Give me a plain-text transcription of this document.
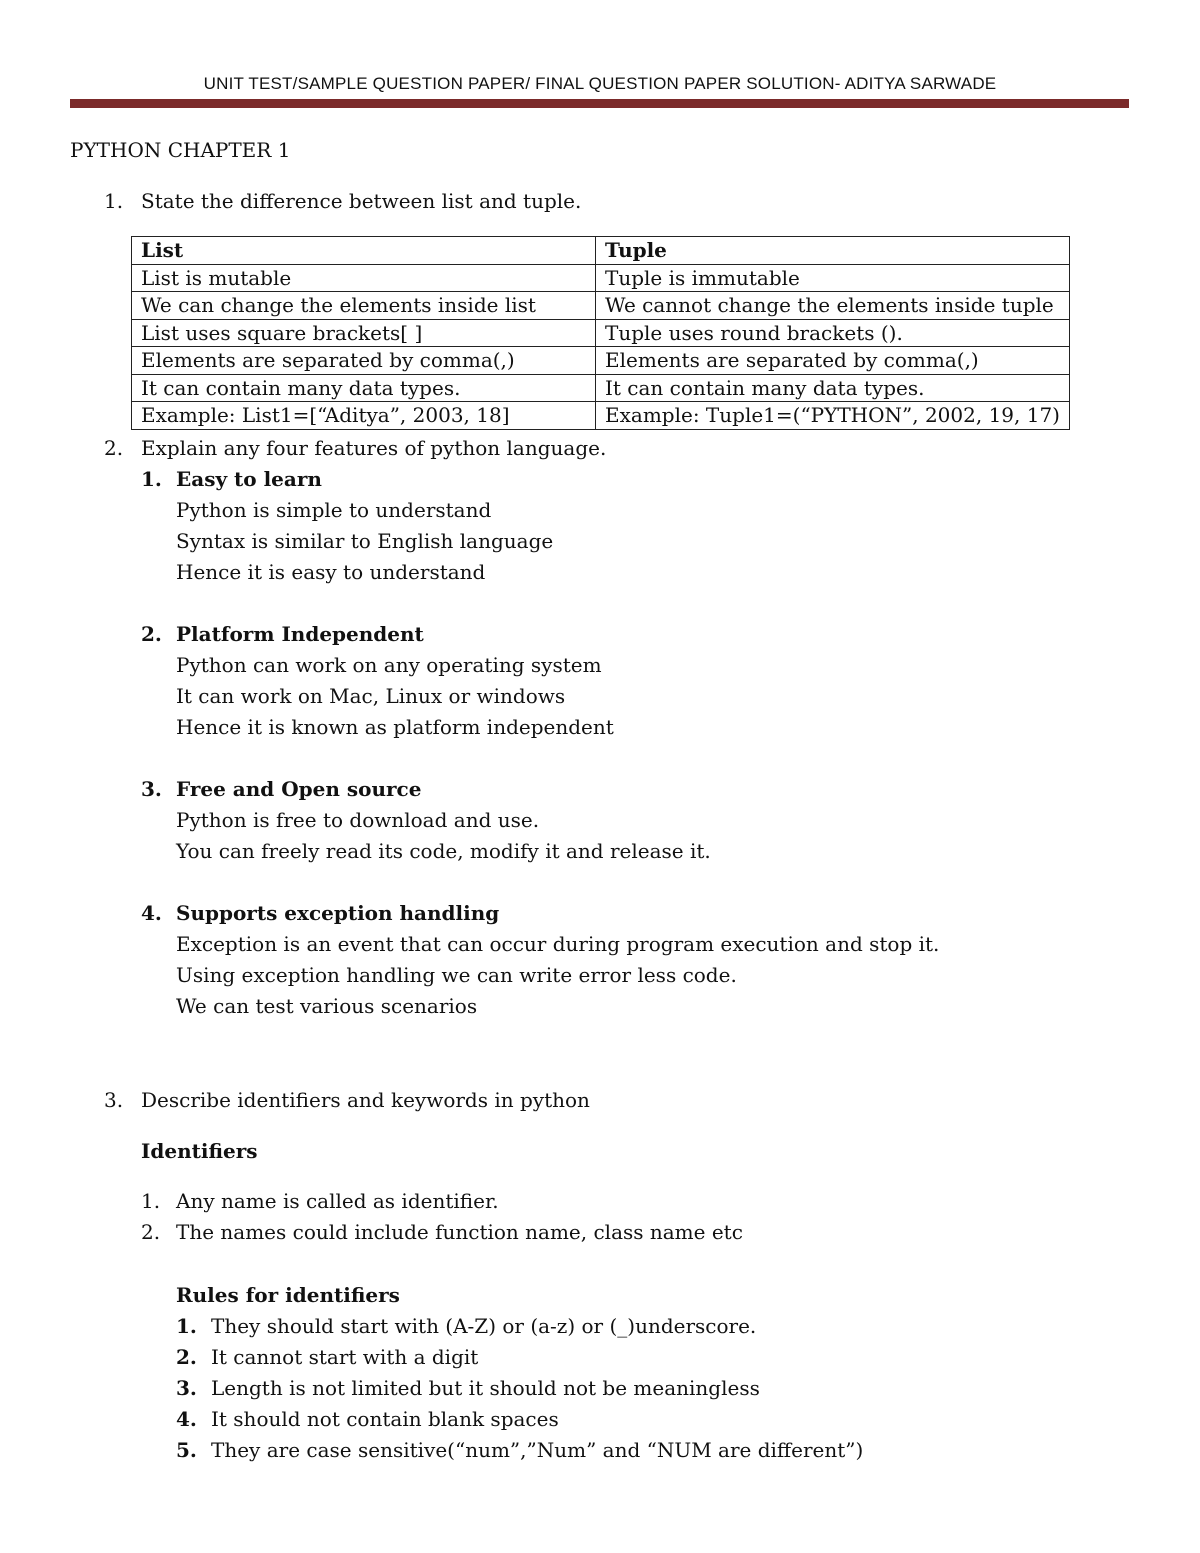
UNIT TEST/SAMPLE QUESTION PAPER/ FINAL QUESTION PAPER SOLUTION- ADITYA SARWADE
PYTHON CHAPTER 1
1. State the difference between list and tuple.
List	Tuple
List is mutable	Tuple is immutable
We can change the elements inside list	We cannot change the elements inside tuple
List uses square brackets[ ]	Tuple uses round brackets ().
Elements are separated by comma(,)	Elements are separated by comma(,)
It can contain many data types.	It can contain many data types.
Example: List1=[“Aditya”, 2003, 18]	Example: Tuple1=(“PYTHON”, 2002, 19, 17)
2. Explain any four features of python language.
1. Easy to learn
Python is simple to understand
Syntax is similar to English language
Hence it is easy to understand
2. Platform Independent
Python can work on any operating system
It can work on Mac, Linux or windows
Hence it is known as platform independent
3. Free and Open source
Python is free to download and use.
You can freely read its code, modify it and release it.
4. Supports exception handling
Exception is an event that can occur during program execution and stop it.
Using exception handling we can write error less code.
We can test various scenarios
3. Describe identifiers and keywords in python
Identifiers
1. Any name is called as identifier.
2. The names could include function name, class name etc
Rules for identifiers
1. They should start with (A-Z) or (a-z) or (_)underscore.
2. It cannot start with a digit
3. Length is not limited but it should not be meaningless
4. It should not contain blank spaces
5. They are case sensitive(“num”,”Num” and “NUM are different”)
